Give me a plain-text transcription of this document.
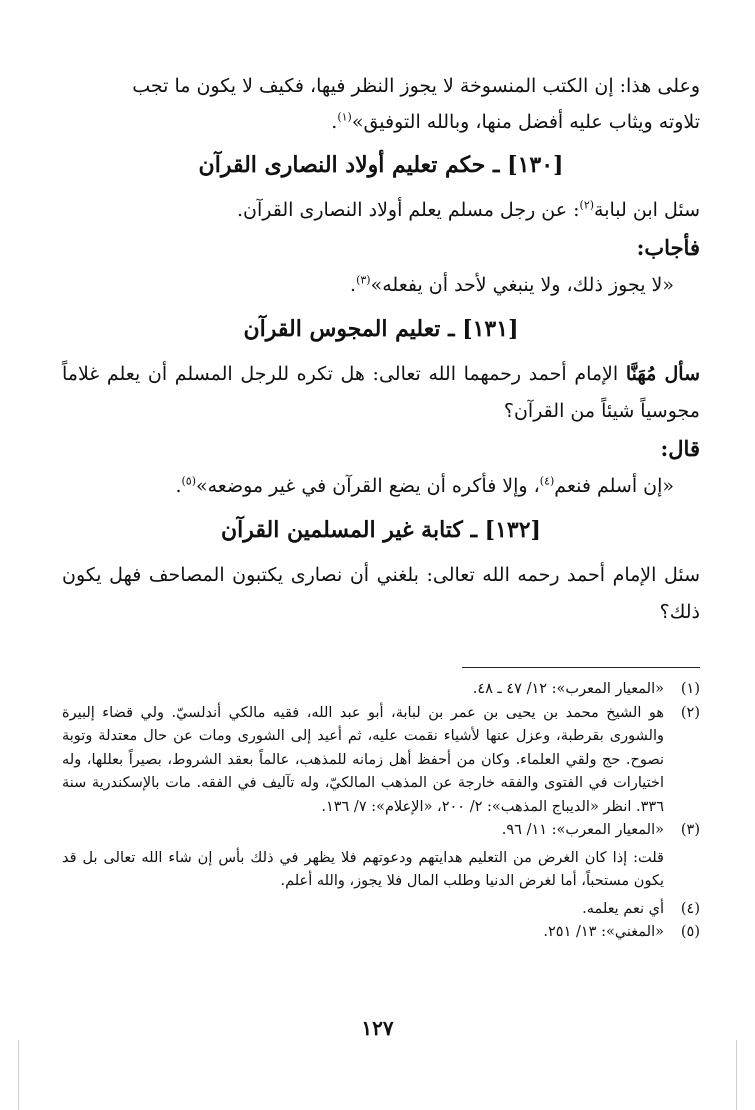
وعلى هذا: إن الكتب المنسوخة لا يجوز النظر فيها، فكيف لا يكون ما تجب

تلاوته ويثاب عليه أفضل منها، وبالله التوفيق»$^{(١)}$.

[١٣٠] ـ حكم تعليم أولاد النصارى القرآن

سئل ابن لبابة$^{(٢)}$: عن رجل مسلم يعلم أولاد النصارى القرآن.

فأجاب:

«لا يجوز ذلك، ولا ينبغي لأحد أن يفعله»$^{(٣)}$.

[١٣١] ـ تعليم المجوس القرآن

سأل مُهَنَّا الإمام أحمد رحمهما الله تعالى: هل تكره للرجل المسلم أن يعلم غلاماً مجوسياً شيئاً من القرآن؟

قال:

«إن أسلم فنعم$^{(٤)}$، وإلا فأكره أن يضع القرآن في غير موضعه»$^{(٥)}$.

[١٣٢] ـ كتابة غير المسلمين القرآن

سئل الإمام أحمد رحمه الله تعالى: بلغني أن نصارى يكتبون المصاحف فهل يكون ذلك؟

(١)
«المعيار المعرب»: ١٢/ ٤٧ ـ ٤٨.

(٢)
هو الشيخ محمد بن يحيى بن عمر بن لبابة، أبو عبد الله، فقيه مالكي أندلسيّ. ولي قضاء إلبيرة والشورى بقرطبة، وعزل عنها لأشياء نقمت عليه، ثم أعيد إلى الشورى ومات عن حال معتدلة وتوبة نصوح. حج ولقي العلماء. وكان من أحفظ أهل زمانه للمذهب، عالماً بعقد الشروط، بصيراً بعللها، وله اختيارات في الفتوى والفقه خارجة عن المذهب المالكيّ، وله تآليف في الفقه. مات بالإسكندرية سنة ٣٣٦. انظر «الديباج المذهب»: ٢/ ٢٠٠، «الإعلام»: ٧/ ١٣٦.

(٣)
«المعيار المعرب»: ١١/ ٩٦.

قلت: إذا كان الغرض من التعليم هدايتهم ودعوتهم فلا يظهر في ذلك بأس إن شاء الله تعالى بل قد يكون مستحباً، أما لغرض الدنيا وطلب المال فلا يجوز، والله أعلم.

(٤)
أي نعم يعلمه.

(٥)
«المغني»: ١٣/ ٢٥١.

١٢٧
